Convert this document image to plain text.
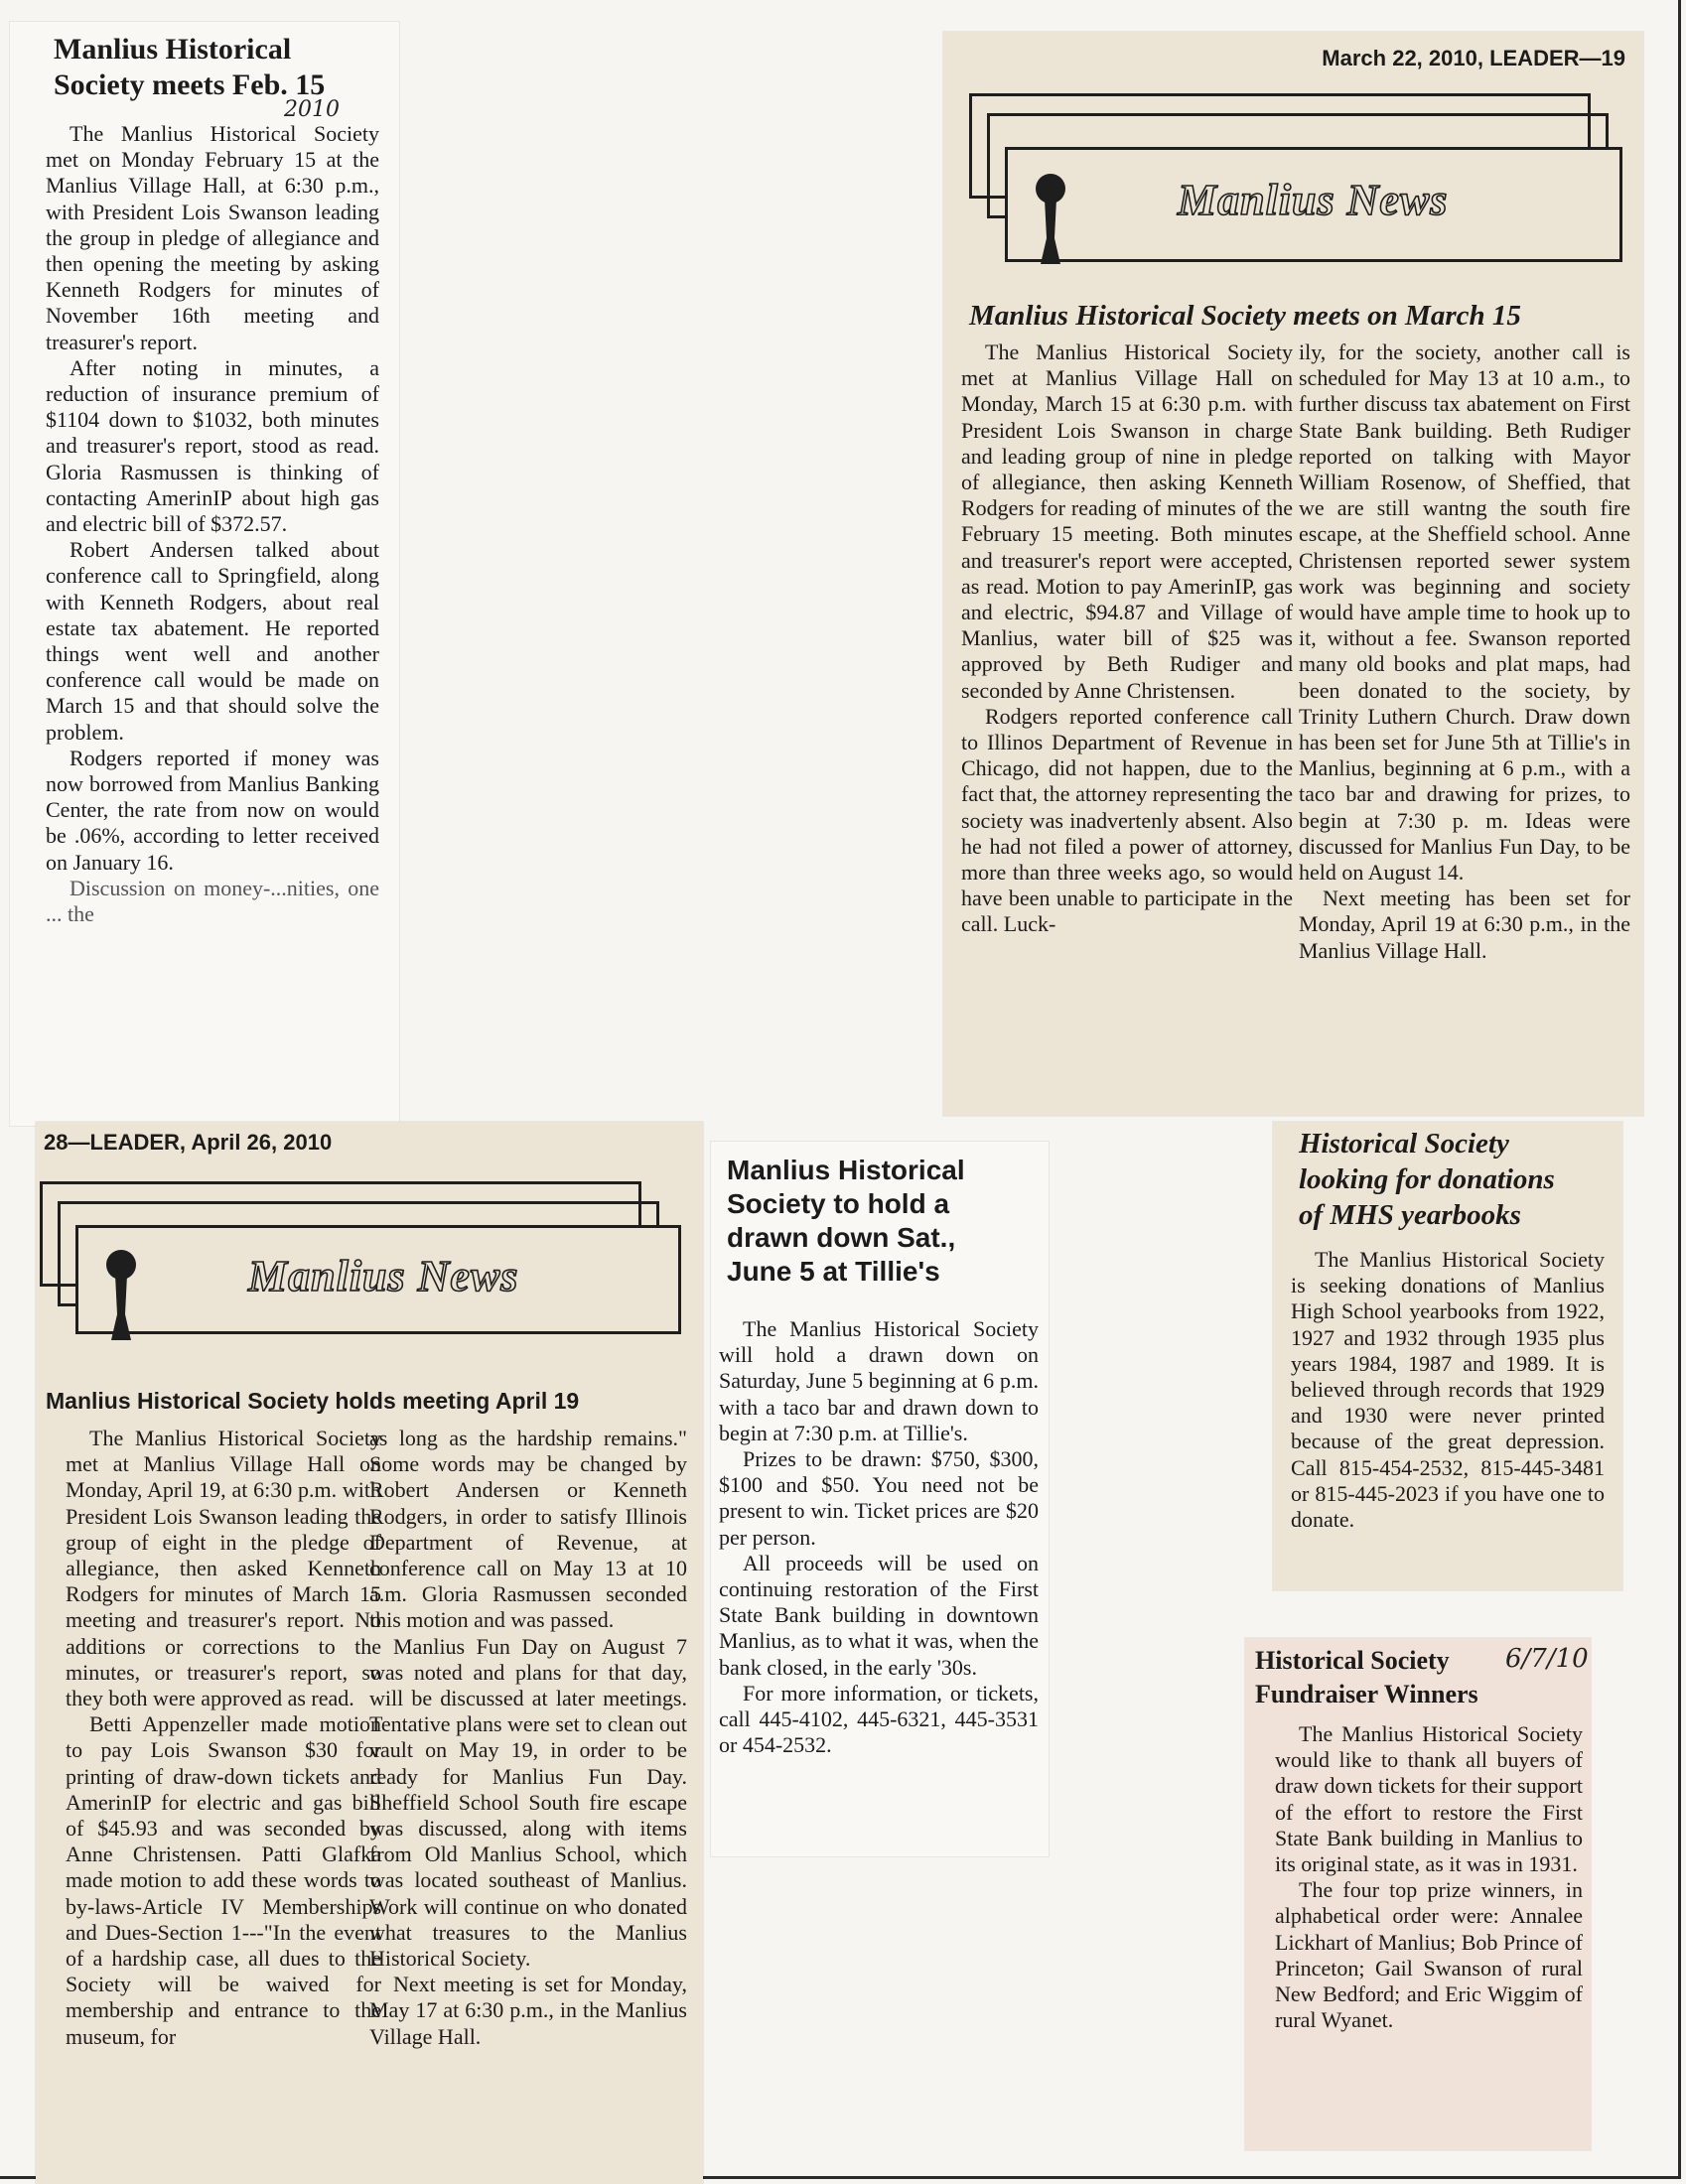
Manlius Historical
Society meets Feb. 15
2010

The Manlius Historical Society met on Monday February 15 at the Manlius Village Hall, at 6:30 p.m., with President Lois Swanson leading the group in pledge of allegiance and then opening the meeting by asking Kenneth Rodgers for minutes of November 16th meeting and treasurer's report.

After noting in minutes, a reduction of insurance premium of $1104 down to $1032, both minutes and treasurer's report, stood as read. Gloria Rasmussen is thinking of contacting AmerinIP about high gas and electric bill of $372.57.

Robert Andersen talked about conference call to Springfield, along with Kenneth Rodgers, about real estate tax abatement. He reported things went well and another conference call would be made on March 15 and that should solve the problem.

Rodgers reported if money was now borrowed from Manlius Banking Center, the rate from now on would be .06%, according to letter received on January 16.

Discussion on money-...nities, one ... the

March 22, 2010, LEADER—19
Manlius News
Manlius Historical Society meets on March 15

The Manlius Historical Society met at Manlius Village Hall on Monday, March 15 at 6:30 p.m. with President Lois Swanson in charge and leading group of nine in pledge of allegiance, then asking Kenneth Rodgers for reading of minutes of the February 15 meeting. Both minutes and treasurer's report were accepted, as read. Motion to pay AmerinIP, gas and electric, $94.87 and Village of Manlius, water bill of $25 was approved by Beth Rudiger and seconded by Anne Christensen.

Rodgers reported conference call to Illinos Department of Revenue in Chicago, did not happen, due to the fact that, the attorney representing the society was inadvertenly absent. Also he had not filed a power of attorney, more than three weeks ago, so would have been unable to participate in the call. Luck-

ily, for the society, another call is scheduled for May 13 at 10 a.m., to further discuss tax abatement on First State Bank building. Beth Rudiger reported on talking with Mayor William Rosenow, of Sheffied, that we are still wantng the south fire escape, at the Sheffield school. Anne Christensen reported sewer system work was beginning and society would have ample time to hook up to it, without a fee. Swanson reported many old books and plat maps, had been donated to the society, by Trinity Luthern Church. Draw down has been set for June 5th at Tillie's in Manlius, beginning at 6 p.m., with a taco bar and drawing for prizes, to begin at 7:30 p. m. Ideas were discussed for Manlius Fun Day, to be held on August 14.

Next meeting has been set for Monday, April 19 at 6:30 p.m., in the Manlius Village Hall.

Historical Society
looking for donations
of MHS yearbooks

The Manlius Historical Society is seeking donations of Manlius High School yearbooks from 1922, 1927 and 1932 through 1935 plus years 1984, 1987 and 1989. It is believed through records that 1929 and 1930 were never printed because of the great depression. Call 815-454-2532, 815-445-3481 or 815-445-2023 if you have one to donate.

28—LEADER, April 26, 2010
Manlius News
Manlius Historical Society holds meeting April 19

The Manlius Historical Society met at Manlius Village Hall on Monday, April 19, at 6:30 p.m. with President Lois Swanson leading the group of eight in the pledge of allegiance, then asked Kenneth Rodgers for minutes of March 15 meeting and treasurer's report. No additions or corrections to the minutes, or treasurer's report, so they both were approved as read.

Betti Appenzeller made motion to pay Lois Swanson $30 for printing of draw-down tickets and AmerinIP for electric and gas bill of $45.93 and was seconded by Anne Christensen. Patti Glafka made motion to add these words to by-laws-Article IV Memberships and Dues-Section 1---"In the event of a hardship case, all dues to the Society will be waived for membership and entrance to the museum, for

as long as the hardship remains." Some words may be changed by Robert Andersen or Kenneth Rodgers, in order to satisfy Illinois Department of Revenue, at conference call on May 13 at 10 a.m. Gloria Rasmussen seconded this motion and was passed.

Manlius Fun Day on August 7 was noted and plans for that day, will be discussed at later meetings. Tentative plans were set to clean out vault on May 19, in order to be ready for Manlius Fun Day. Sheffield School South fire escape was discussed, along with items from Old Manlius School, which was located southeast of Manlius. Work will continue on who donated what treasures to the Manlius Historical Society.

Next meeting is set for Monday, May 17 at 6:30 p.m., in the Manlius Village Hall.

Manlius Historical
Society to hold a
drawn down Sat.,
June 5 at Tillie's

The Manlius Historical Society will hold a drawn down on Saturday, June 5 beginning at 6 p.m. with a taco bar and drawn down to begin at 7:30 p.m. at Tillie's.

Prizes to be drawn: $750, $300, $100 and $50. You need not be present to win. Ticket prices are $20 per person.

All proceeds will be used on continuing restoration of the First State Bank building in downtown Manlius, as to what it was, when the bank closed, in the early '30s.

For more information, or tickets, call 445-4102, 445-6321, 445-3531 or 454-2532.

Historical Society
Fundraiser Winners
6/7/10

The Manlius Historical Society would like to thank all buyers of draw down tickets for their support of the effort to restore the First State Bank building in Manlius to its original state, as it was in 1931.

The four top prize winners, in alphabetical order were: Annalee Lickhart of Manlius; Bob Prince of Princeton; Gail Swanson of rural New Bedford; and Eric Wiggim of rural Wyanet.
